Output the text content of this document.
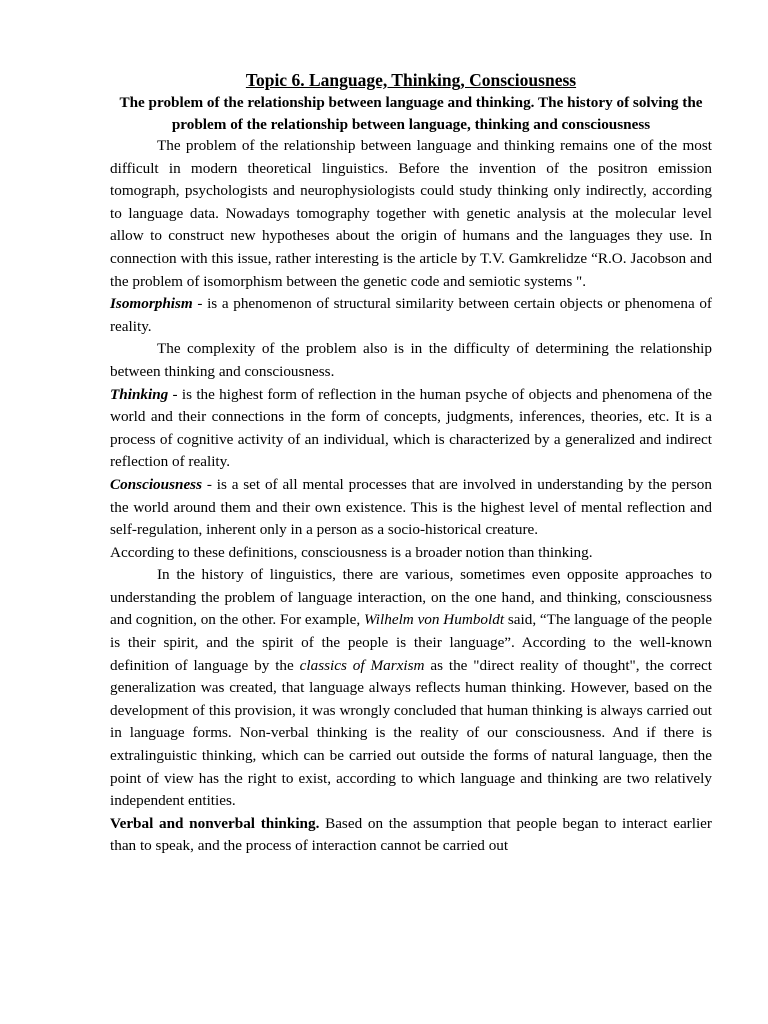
Topic 6. Language, Thinking, Consciousness
The problem of the relationship between language and thinking. The history of solving the problem of the relationship between language, thinking and consciousness

The problem of the relationship between language and thinking remains one of the most difficult in modern theoretical linguistics. Before the invention of the positron emission tomograph, psychologists and neurophysiologists could study thinking only indirectly, according to language data. Nowadays tomography together with genetic analysis at the molecular level allow to construct new hypotheses about the origin of humans and the languages they use. In connection with this issue, rather interesting is the article by T.V. Gamkrelidze “R.O. Jacobson and the problem of isomorphism between the genetic code and semiotic systems ".

Isomorphism - is a phenomenon of structural similarity between certain objects or phenomena of reality.

The complexity of the problem also is in the difficulty of determining the relationship between thinking and consciousness.

Thinking - is the highest form of reflection in the human psyche of objects and phenomena of the world and their connections in the form of concepts, judgments, inferences, theories, etc. It is a process of cognitive activity of an individual, which is characterized by a generalized and indirect reflection of reality.

Consciousness - is a set of all mental processes that are involved in understanding by the person the world around them and their own existence. This is the highest level of mental reflection and self-regulation, inherent only in a person as a socio-historical creature.

According to these definitions, consciousness is a broader notion than thinking.

In the history of linguistics, there are various, sometimes even opposite approaches to understanding the problem of language interaction, on the one hand, and thinking, consciousness and cognition, on the other. For example, Wilhelm von Humboldt said, “The language of the people is their spirit, and the spirit of the people is their language”. According to the well-known definition of language by the classics of Marxism as the "direct reality of thought", the correct generalization was created, that language always reflects human thinking. However, based on the development of this provision, it was wrongly concluded that human thinking is always carried out in language forms. Non-verbal thinking is the reality of our consciousness. And if there is extralinguistic thinking, which can be carried out outside the forms of natural language, then the point of view has the right to exist, according to which language and thinking are two relatively independent entities.

Verbal and nonverbal thinking. Based on the assumption that people began to interact earlier than to speak, and the process of interaction cannot be carried out
